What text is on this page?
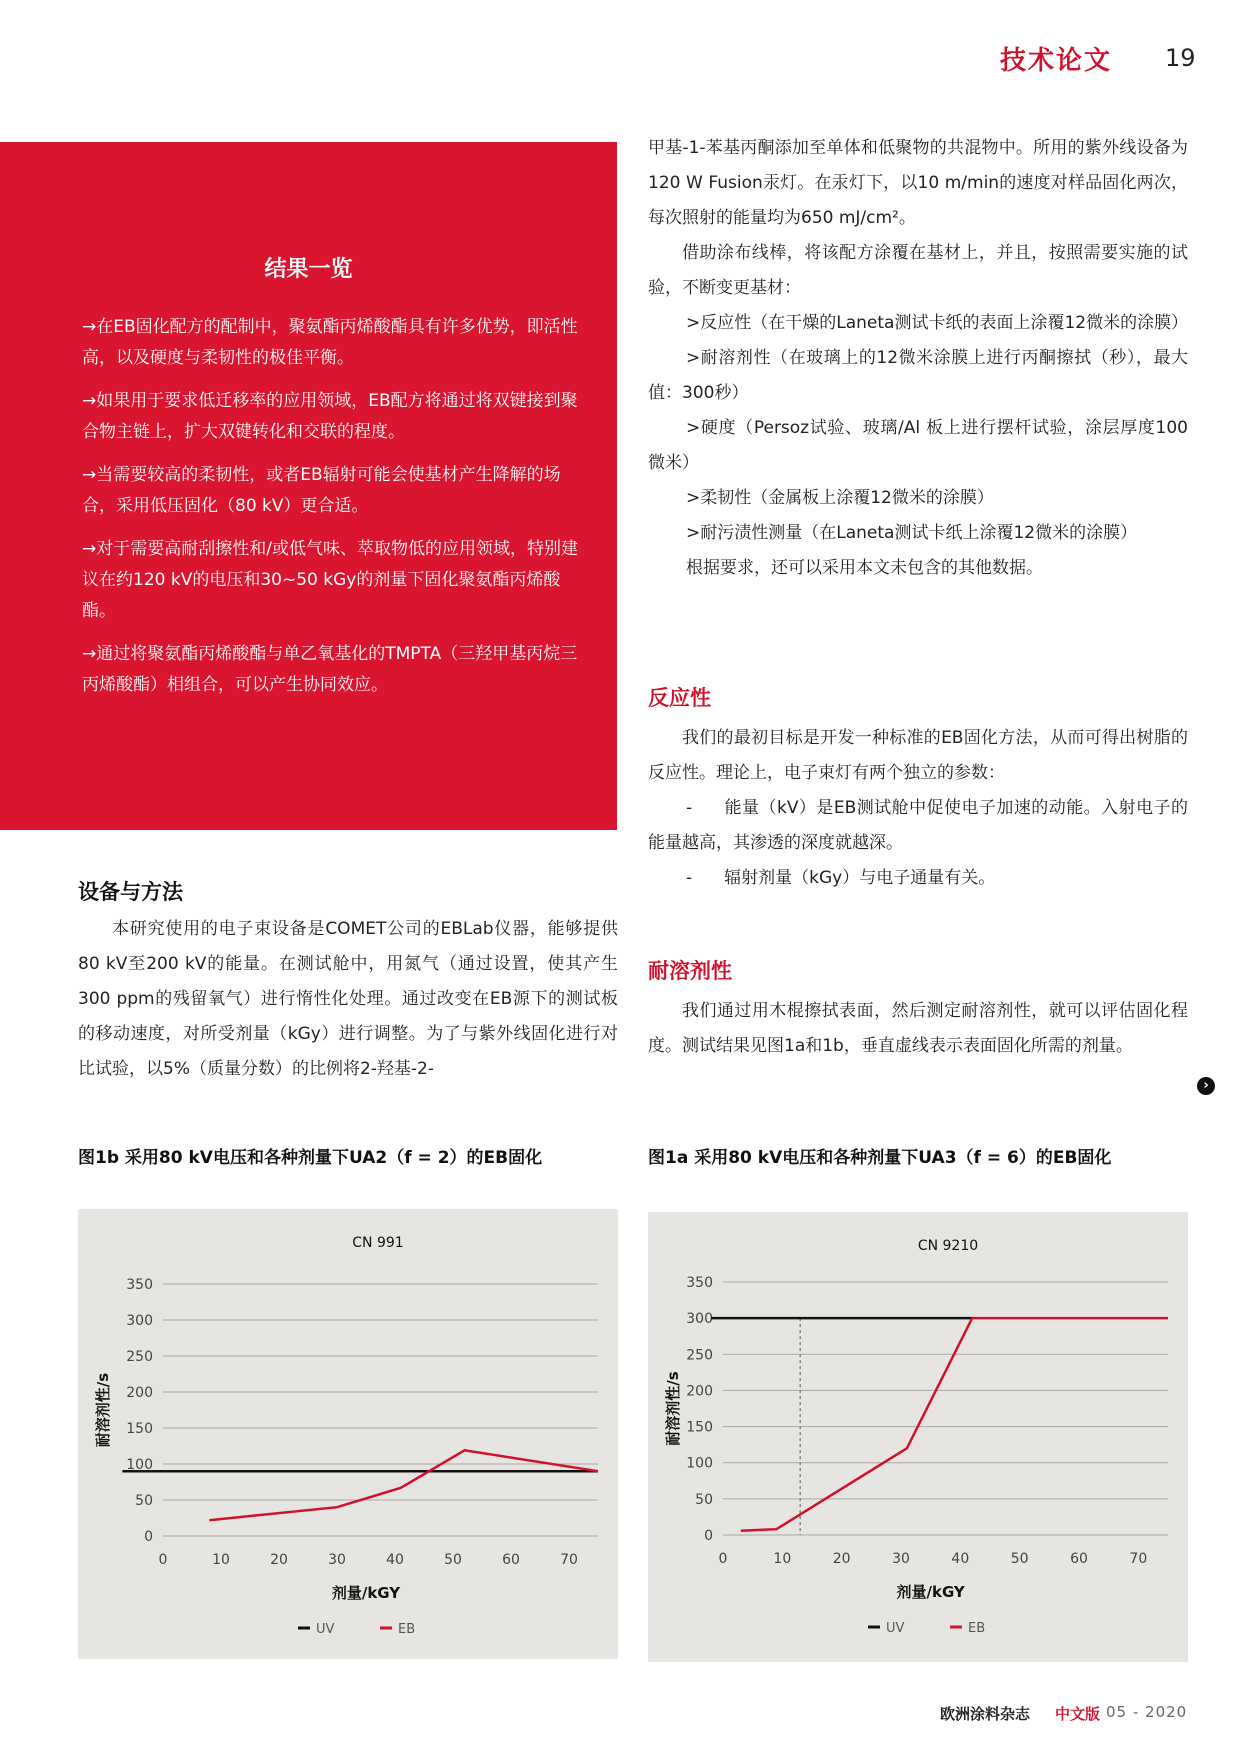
技术论文 19
结果一览

→在EB固化配方的配制中，聚氨酯丙烯酸酯具有许多优势，即活性高，以及硬度与柔韧性的极佳平衡。

→如果用于要求低迁移率的应用领域，EB配方将通过将双键接到聚合物主链上，扩大双键转化和交联的程度。

→当需要较高的柔韧性，或者EB辐射可能会使基材产生降解的场合，采用低压固化（80 kV）更合适。

→对于需要高耐刮擦性和/或低气味、萃取物低的应用领域，特别建议在约120 kV的电压和30~50 kGy的剂量下固化聚氨酯丙烯酸酯。

→通过将聚氨酯丙烯酸酯与单乙氧基化的TMPTA（三羟甲基丙烷三丙烯酸酯）相组合，可以产生协同效应。

设备与方法

本研究使用的电子束设备是COMET公司的EBLab仪器，能够提供80 kV至200 kV的能量。在测试舱中，用氮气（通过设置，使其产生300 ppm的残留氧气）进行惰性化处理。通过改变在EB源下的测试板的移动速度，对所受剂量（kGy）进行调整。为了与紫外线固化进行对比试验，以5%（质量分数）的比例将2-羟基-2-

甲基-1-苯基丙酮添加至单体和低聚物的共混物中。所用的紫外线设备为120 W Fusion汞灯。在汞灯下，以10 m/min的速度对样品固化两次，每次照射的能量均为650 mJ/cm²。

借助涂布线棒，将该配方涂覆在基材上，并且，按照需要实施的试验，不断变更基材：

>反应性（在干燥的Laneta测试卡纸的表面上涂覆12微米的涂膜）

>耐溶剂性（在玻璃上的12微米涂膜上进行丙酮擦拭（秒），最大值：300秒）

>硬度（Persoz试验、玻璃/Al 板上进行摆杆试验，涂层厚度100微米）

>柔韧性（金属板上涂覆12微米的涂膜）

>耐污渍性测量（在Laneta测试卡纸上涂覆12微米的涂膜）

根据要求，还可以采用本文未包含的其他数据。

反应性

我们的最初目标是开发一种标准的EB固化方法，从而可得出树脂的反应性。理论上，电子束灯有两个独立的参数：

- 能量（kV）是EB测试舱中促使电子加速的动能。入射电子的能量越高，其渗透的深度就越深。

- 辐射剂量（kGy）与电子通量有关。

耐溶剂性

我们通过用木棍擦拭表面，然后测定耐溶剂性，就可以评估固化程度。测试结果见图1a和1b，垂直虚线表示表面固化所需的剂量。

›
图1b 采用80 kV电压和各种剂量下UA2（f = 2）的EB固化	图1a 采用80 kV电压和各种剂量下UA3（f = 6）的EB固化
CN 991
0
50
100
150
200
250
300
350
0	10	20	30	40	50	60	70
剂量/kGY
耐溶剂性/s
UV	EB
CN 9210
0
50
100
150
200
250
300
350
0	10	20	30	40	50	60	70
剂量/kGY
耐溶剂性/s
UV	EB
欧洲涂料杂志 中文版 05 - 2020
